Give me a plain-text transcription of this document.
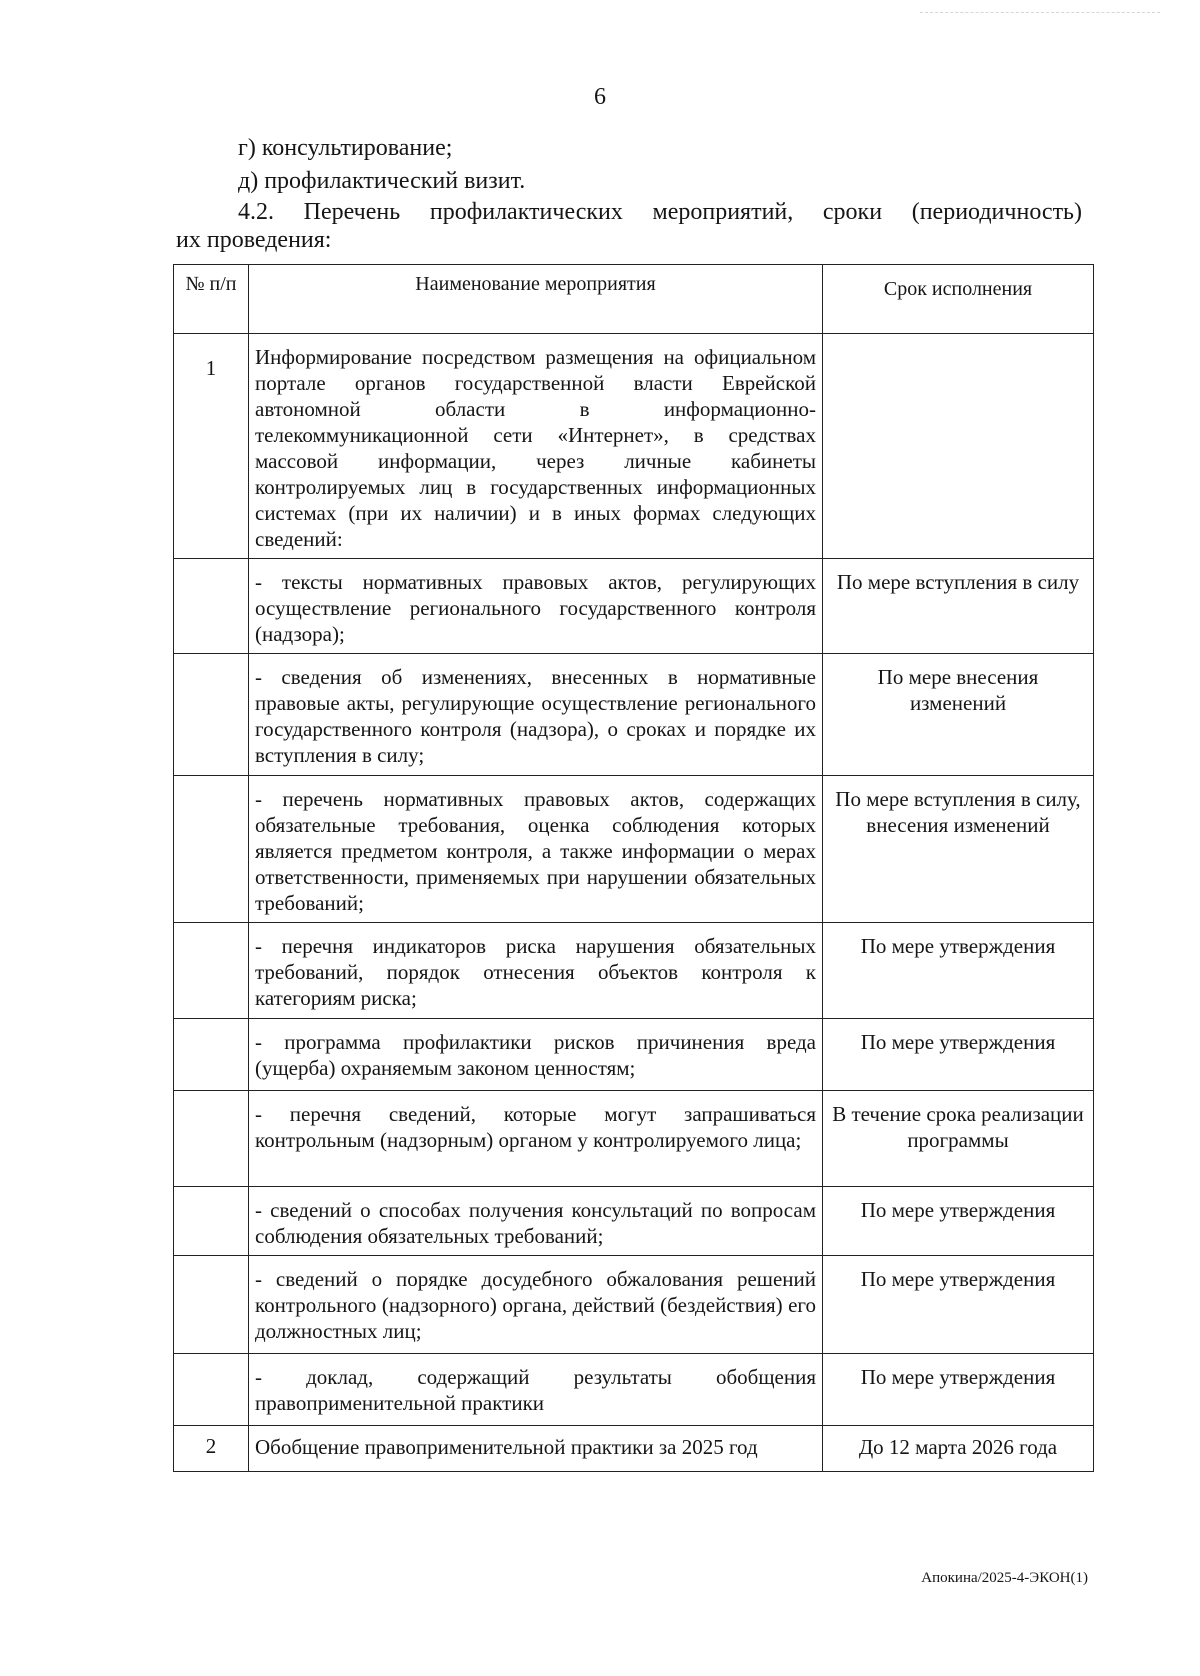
6
г) консультирование;
д) профилактический визит.
4.2. Перечень профилактических мероприятий, сроки (периодичность)
их проведения:
№ п/п	Наименование мероприятия	Срок исполнения
1	Информирование посредством размещения на официальном портале органов государственной власти Еврейской автономной области в информационно-телекоммуникационной сети «Интернет», в средствах массовой информации, через личные кабинеты контролируемых лиц в государственных информационных системах (при их наличии) и в иных формах следующих сведений:	
	- тексты нормативных правовых актов, регулирующих осуществление регионального государственного контроля (надзора);	По мере вступления в силу
	- сведения об изменениях, внесенных в нормативные правовые акты, регулирующие осуществление регионального государственного контроля (надзора), о сроках и порядке их вступления в силу;	По мере внесения изменений
	- перечень нормативных правовых актов, содержащих обязательные требования, оценка соблюдения которых является предметом контроля, а также информации о мерах ответственности, применяемых при нарушении обязательных требований;	По мере вступления в силу, внесения изменений
	- перечня индикаторов риска нарушения обязательных требований, порядок отнесения объектов контроля к категориям риска;	По мере утверждения
	- программа профилактики рисков причинения вреда (ущерба) охраняемым законом ценностям;	По мере утверждения
	- перечня сведений, которые могут запрашиваться контрольным (надзорным) органом у контролируемого лица;	В течение срока реализации программы
	- сведений о способах получения консультаций по вопросам соблюдения обязательных требований;	По мере утверждения
	- сведений о порядке досудебного обжалования решений контрольного (надзорного) органа, действий (бездействия) его должностных лиц;	По мере утверждения
	- доклад, содержащий результаты обобщения правоприменительной практики	По мере утверждения
2	Обобщение правоприменительной практики за 2025 год	До 12 марта 2026 года
Апокина/2025-4-ЭКОН(1)
